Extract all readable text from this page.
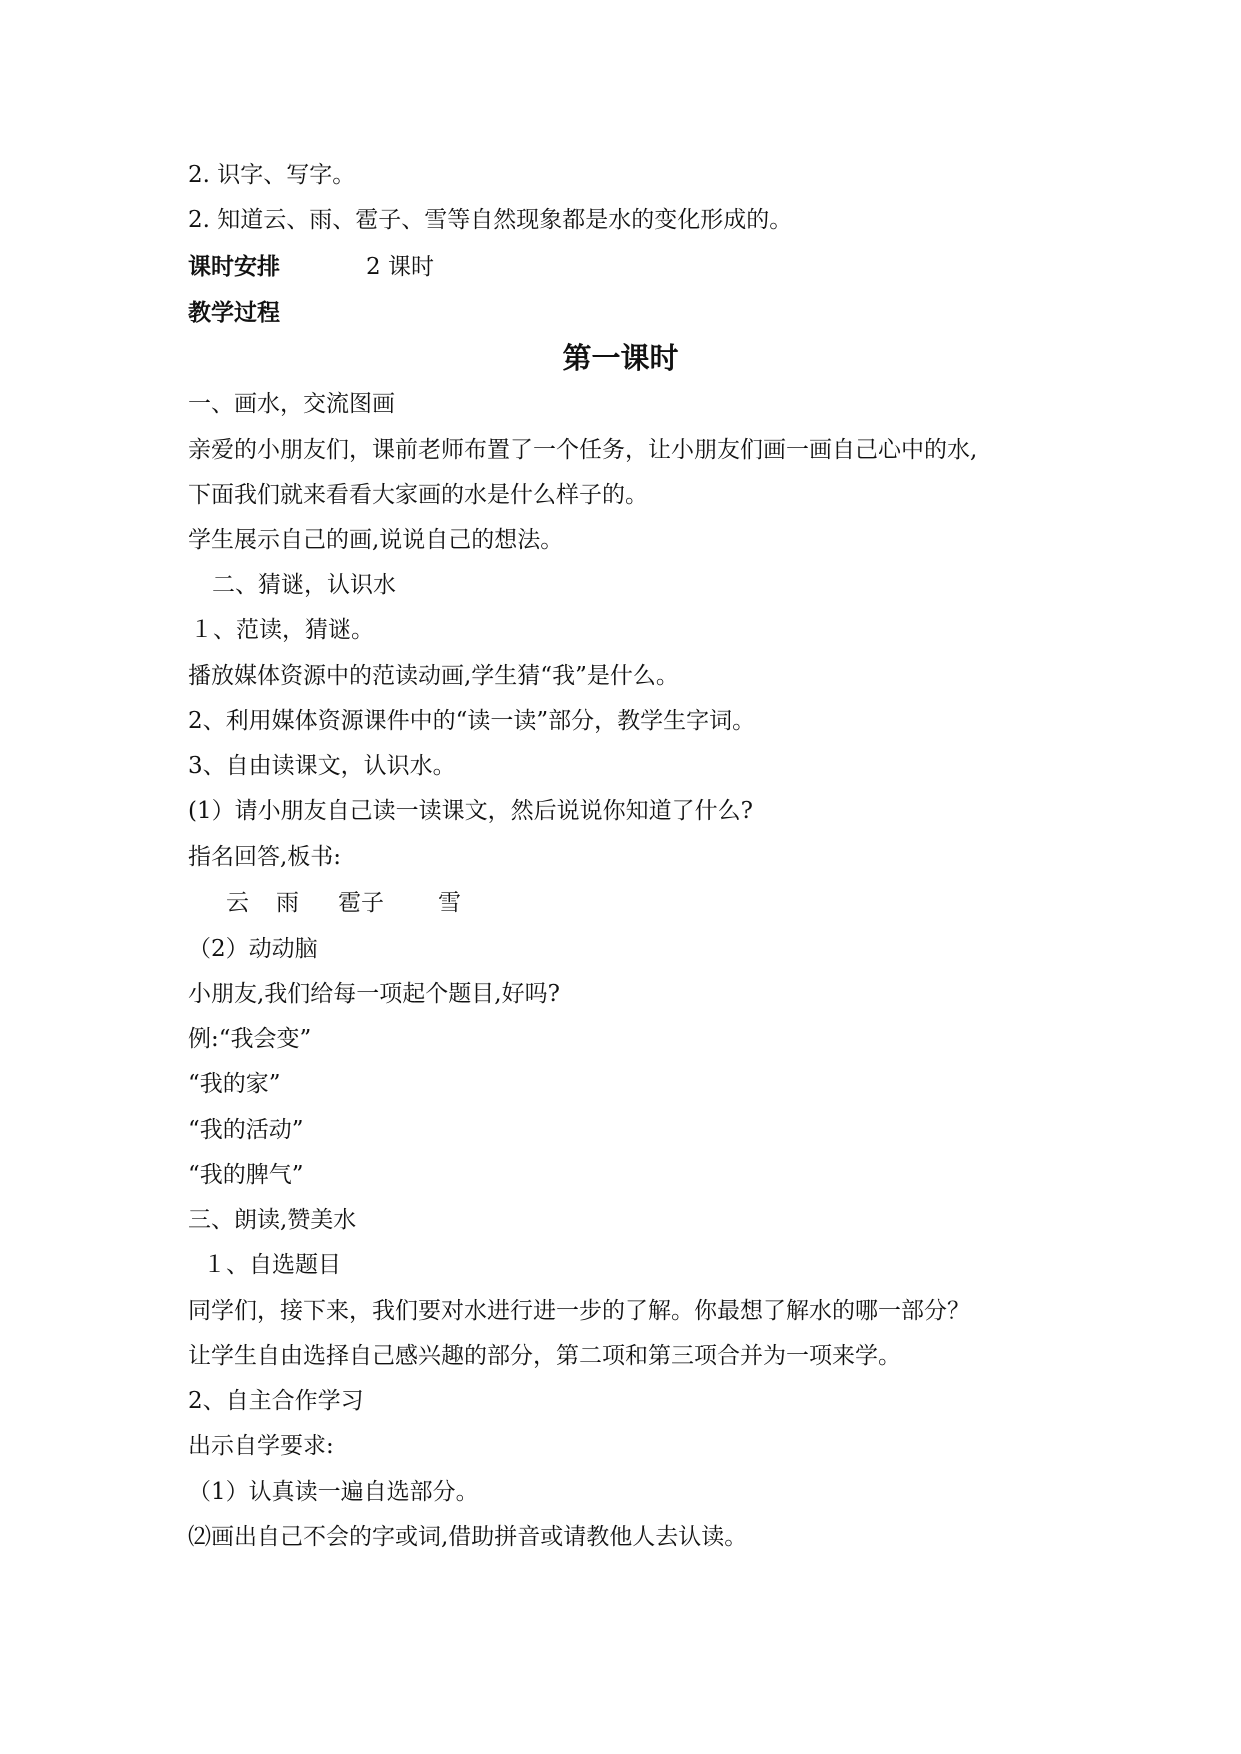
2. 识字、写字。
2. 知道云、雨、雹子、雪等自然现象都是水的变化形成的。
课时安排	2 课时
教学过程
第一课时
一、画水，交流图画
亲爱的小朋友们，课前老师布置了一个任务，让小朋友们画一画自己心中的水,
下面我们就来看看大家画的水是什么样子的。
学生展示自己的画,说说自己的想法。
二、猜谜，认识水
１、范读，猜谜。
播放媒体资源中的范读动画,学生猜“我”是什么。
2、利用媒体资源课件中的“读一读”部分，教学生字词。
3、自由读课文，认识水。
(1）请小朋友自己读一读课文，然后说说你知道了什么?
指名回答,板书:
云 雨 雹子 雪
（2）动动脑
小朋友,我们给每一项起个题目,好吗?
例:“我会变”
“我的家”
“我的活动”
“我的脾气”
三、朗读,赞美水
１、自选题目
同学们，接下来，我们要对水进行进一步的了解。你最想了解水的哪一部分？
让学生自由选择自己感兴趣的部分，第二项和第三项合并为一项来学。
2、自主合作学习
出示自学要求:
（1）认真读一遍自选部分。
⑵画出自己不会的字或词,借助拼音或请教他人去认读。
